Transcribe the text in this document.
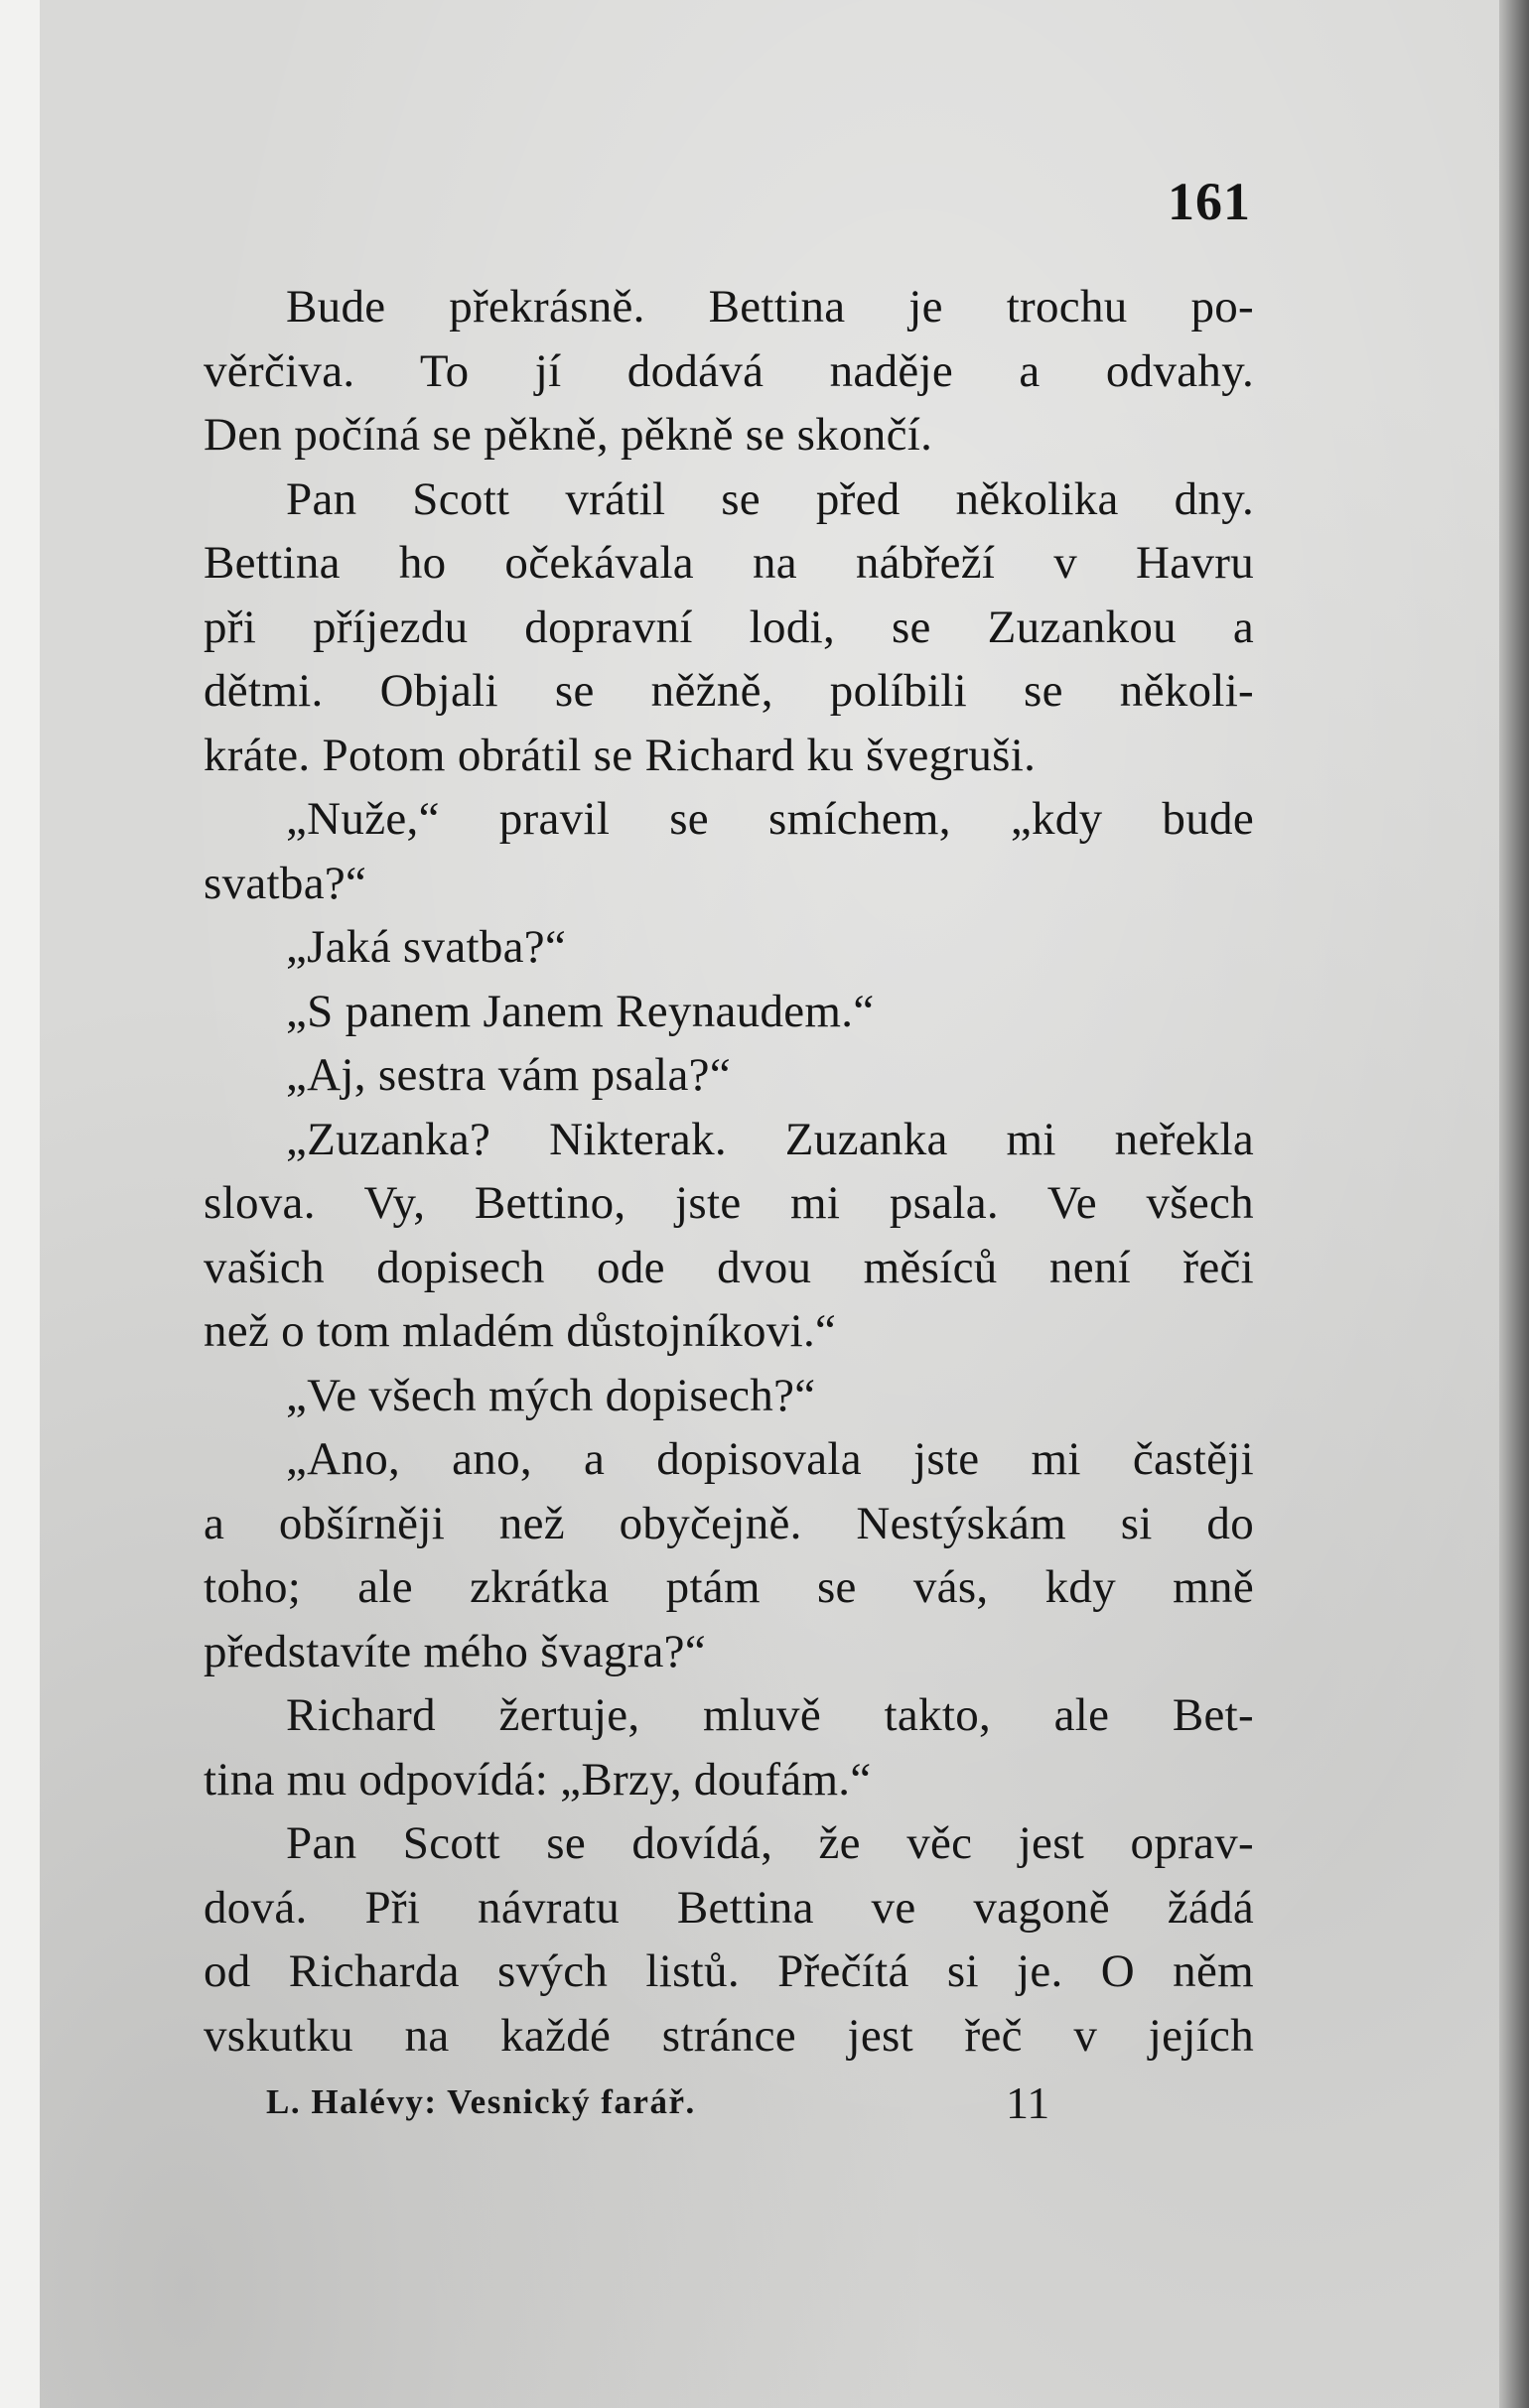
161
Bude překrásně. Bettina je trochu po-
věrčiva. To jí dodává naděje a odvahy.
Den počíná se pěkně, pěkně se skončí.
Pan Scott vrátil se před několika dny.
Bettina ho očekávala na nábřeží v Havru
při příjezdu dopravní lodi, se Zuzankou a
dětmi. Objali se něžně, políbili se několi-
kráte. Potom obrátil se Richard ku švegruši.
„Nuže,“ pravil se smíchem, „kdy bude
svatba?“
„Jaká svatba?“
„S panem Janem Reynaudem.“
„Aj, sestra vám psala?“
„Zuzanka? Nikterak. Zuzanka mi neřekla
slova. Vy, Bettino, jste mi psala. Ve všech
vašich dopisech ode dvou měsíců není řeči
než o tom mladém důstojníkovi.“
„Ve všech mých dopisech?“
„Ano, ano, a dopisovala jste mi častěji
a obšírněji než obyčejně. Nestýskám si do
toho; ale zkrátka ptám se vás, kdy mně
představíte mého švagra?“
Richard žertuje, mluvě takto, ale Bet-
tina mu odpovídá: „Brzy, doufám.“
Pan Scott se dovídá, že věc jest oprav-
dová. Při návratu Bettina ve vagoně žádá
od Richarda svých listů. Přečítá si je. O něm
vskutku na každé stránce jest řeč v jejích
L. Halévy: Vesnický farář.	11
